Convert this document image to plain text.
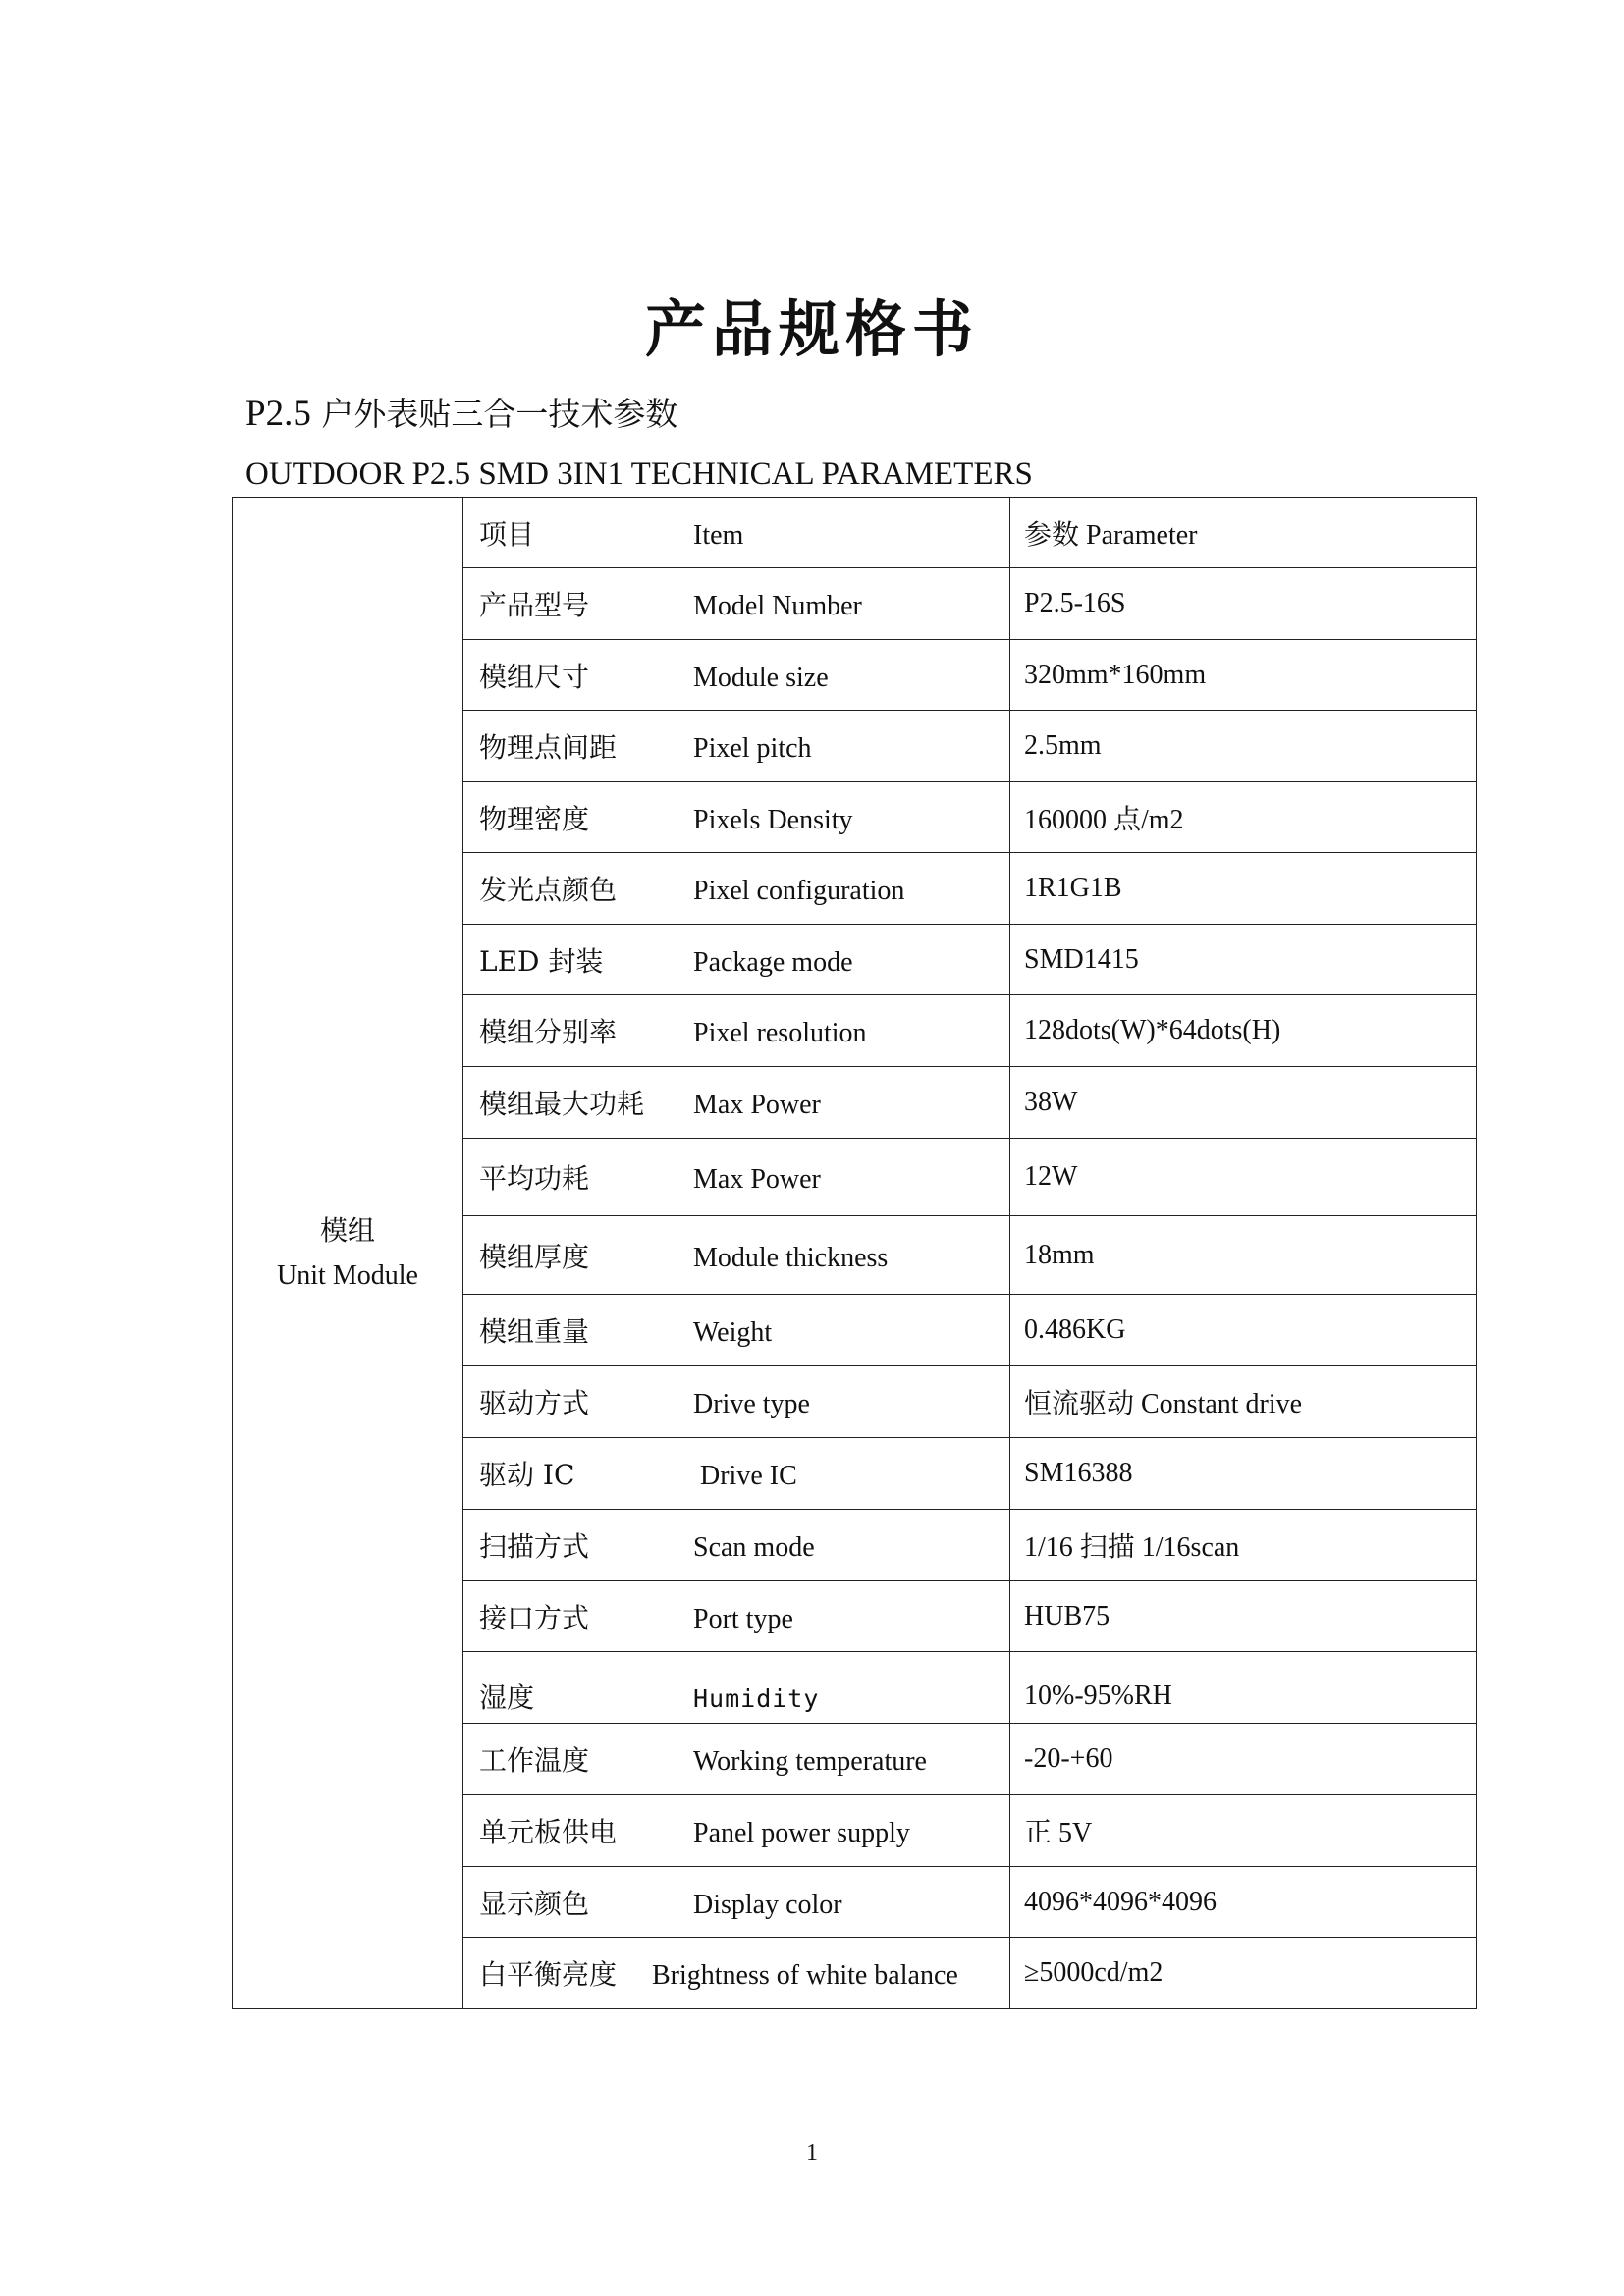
产品规格书
P2.5 户外表贴三合一技术参数
OUTDOOR P2.5 SMD 3IN1 TECHNICAL PARAMETERS
模组
Unit Module	项目 Item	参数 Parameter
	产品型号 Model Number	P2.5-16S
	模组尺寸 Module size	320mm*160mm
	物理点间距 Pixel pitch	2.5mm
	物理密度 Pixels Density	160000 点/m2
	发光点颜色 Pixel configuration	1R1G1B
	LED 封装 Package mode	SMD1415
	模组分别率 Pixel resolution	128dots(W)*64dots(H)
	模组最大功耗 Max Power	38W
	平均功耗 Max Power	12W
	模组厚度 Module thickness	18mm
	模组重量 Weight	0.486KG
	驱动方式 Drive type	恒流驱动 Constant drive
	驱动 IC Drive IC	SM16388
	扫描方式 Scan mode	1/16 扫描 1/16scan
	接口方式 Port type	HUB75
	湿度 Humidity	10%-95%RH
	工作温度 Working temperature	-20-+60
	单元板供电 Panel power supply	正 5V
	显示颜色 Display color	4096*4096*4096
	白平衡亮度 Brightness of white balance	≥5000cd/m2
1
